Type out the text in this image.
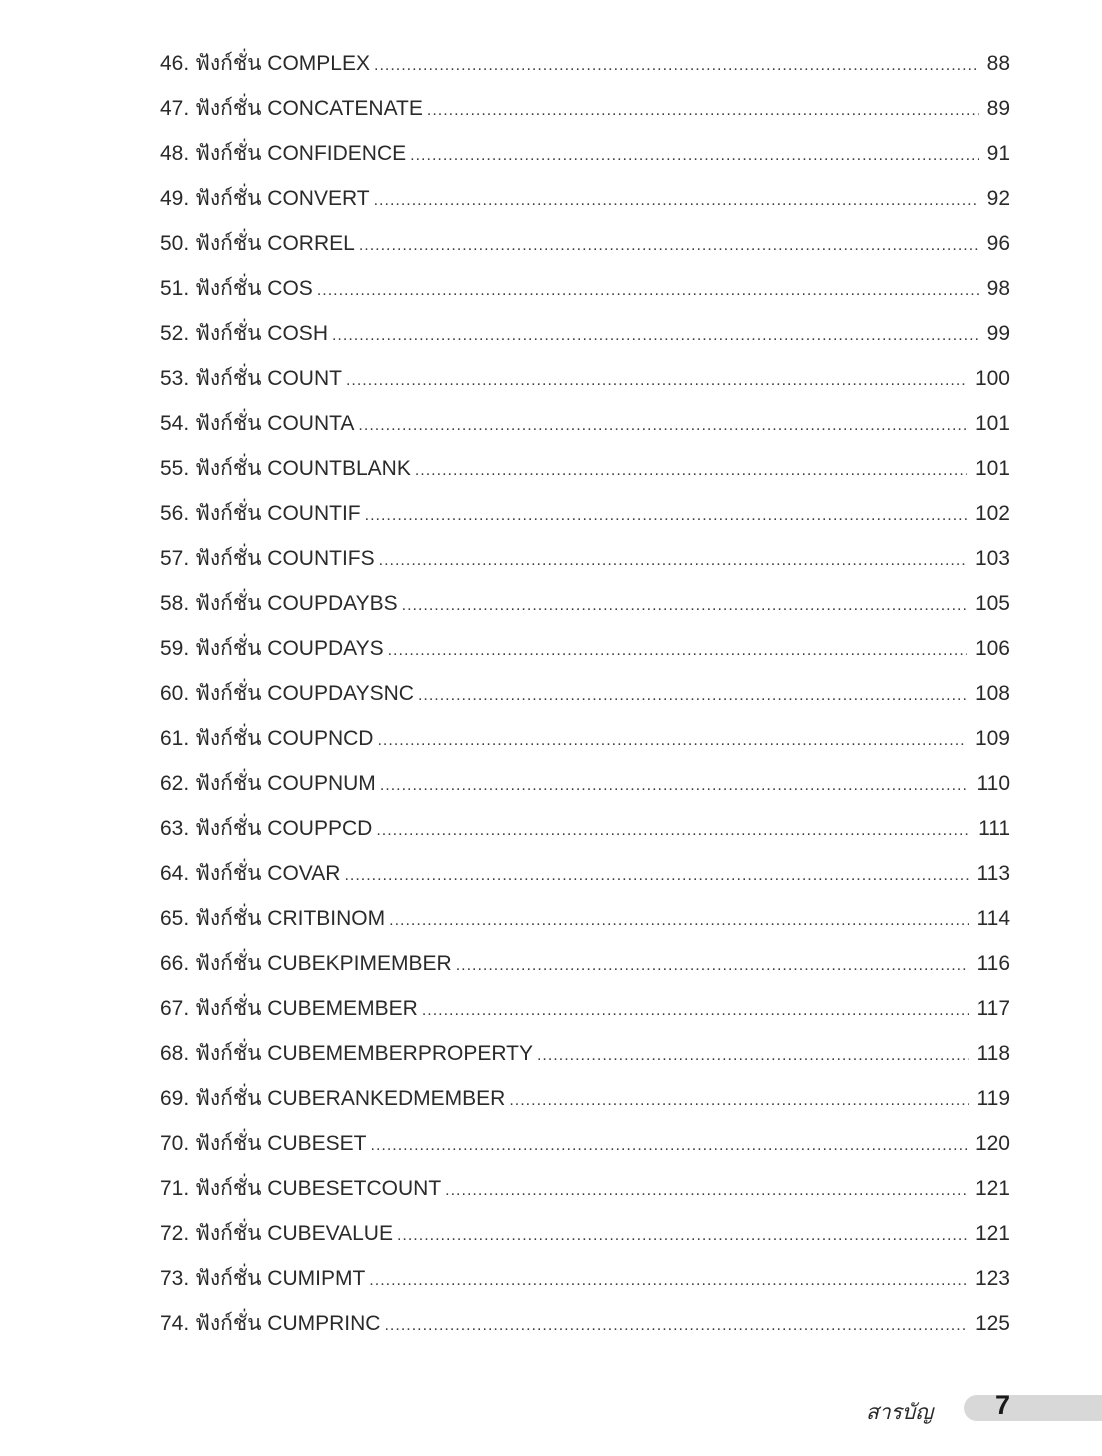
46. ฟังก์ชั่น COMPLEX .....	88
47. ฟังก์ชั่น CONCATENATE .....	89
48. ฟังก์ชั่น CONFIDENCE .....	91
49. ฟังก์ชั่น CONVERT .....	92
50. ฟังก์ชั่น CORREL .....	96
51. ฟังก์ชั่น COS .....	98
52. ฟังก์ชั่น COSH .....	99
53. ฟังก์ชั่น COUNT .....	100
54. ฟังก์ชั่น COUNTA .....	101
55. ฟังก์ชั่น COUNTBLANK .....	101
56. ฟังก์ชั่น COUNTIF .....	102
57. ฟังก์ชั่น COUNTIFS .....	103
58. ฟังก์ชั่น COUPDAYBS .....	105
59. ฟังก์ชั่น COUPDAYS .....	106
60. ฟังก์ชั่น COUPDAYSNC .....	108
61. ฟังก์ชั่น COUPNCD .....	109
62. ฟังก์ชั่น COUPNUM .....	110
63. ฟังก์ชั่น COUPPCD .....	111
64. ฟังก์ชั่น COVAR .....	113
65. ฟังก์ชั่น CRITBINOM .....	114
66. ฟังก์ชั่น CUBEKPIMEMBER .....	116
67. ฟังก์ชั่น CUBEMEMBER .....	117
68. ฟังก์ชั่น CUBEMEMBERPROPERTY .....	118
69. ฟังก์ชั่น CUBERANKEDMEMBER .....	119
70. ฟังก์ชั่น CUBESET .....	120
71. ฟังก์ชั่น CUBESETCOUNT .....	121
72. ฟังก์ชั่น CUBEVALUE .....	121
73. ฟังก์ชั่น CUMIPMT .....	123
74. ฟังก์ชั่น CUMPRINC .....	125
สารบัญ 7
